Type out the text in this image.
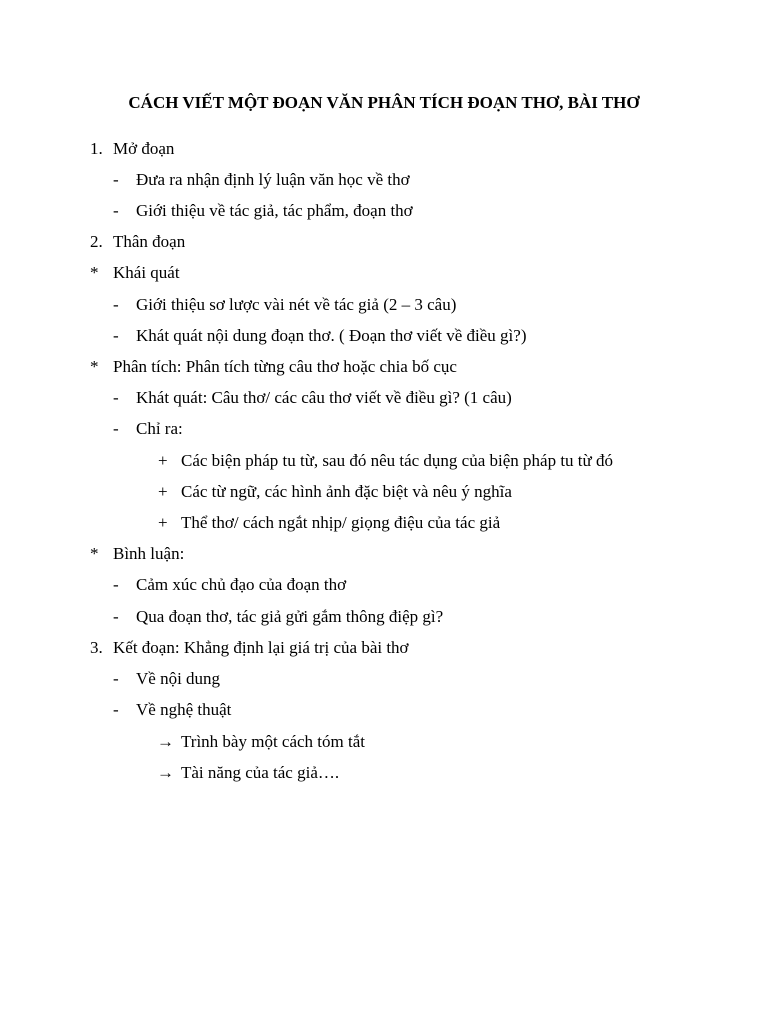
CÁCH VIẾT MỘT ĐOẠN VĂN PHÂN TÍCH ĐOẠN THƠ, BÀI THƠ
1. Mở đoạn
- Đưa ra nhận định lý luận văn học về thơ
- Giới thiệu về tác giả, tác phẩm, đoạn thơ
2. Thân đoạn
* Khái quát
- Giới thiệu sơ lược vài nét về tác giả (2 – 3 câu)
- Khát quát nội dung đoạn thơ. ( Đoạn thơ viết về điều gì?)
* Phân tích: Phân tích từng câu thơ hoặc chia bố cục
- Khát quát: Câu thơ/ các câu thơ viết về điều gì? (1 câu)
- Chỉ ra:
+ Các biện pháp tu từ, sau đó nêu tác dụng của biện pháp tu từ đó
+ Các từ ngữ, các hình ảnh đặc biệt và nêu ý nghĩa
+ Thể thơ/ cách ngắt nhịp/ giọng điệu của tác giả
* Bình luận:
- Cảm xúc chủ đạo của đoạn thơ
- Qua đoạn thơ, tác giả gửi gắm thông điệp gì?
3. Kết đoạn: Khẳng định lại giá trị của bài thơ
- Về nội dung
- Về nghệ thuật
→ Trình bày một cách tóm tắt
→ Tài năng của tác giả….
